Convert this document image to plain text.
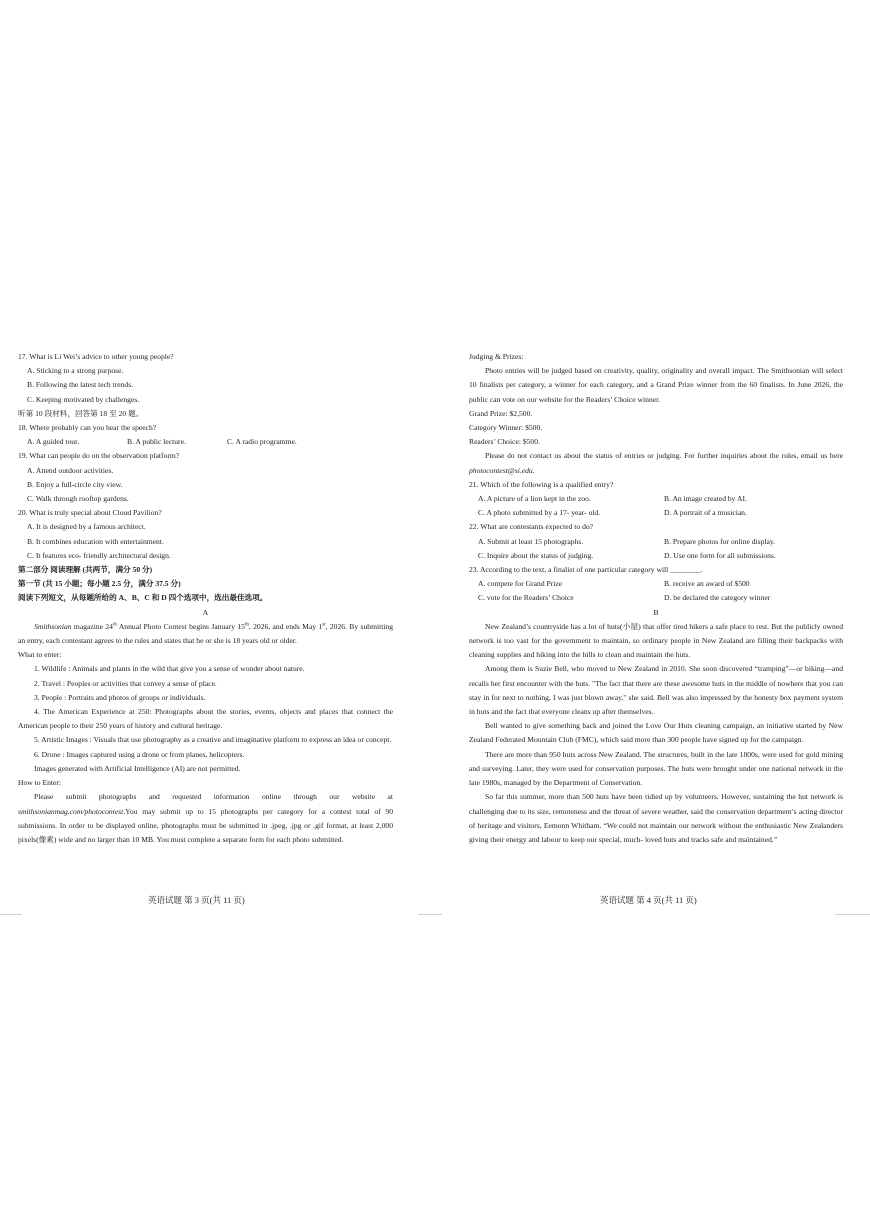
17. What is Li Wei’s advice to other young people?
A. Sticking to a strong purpose.
B. Following the latest tech trends.
C. Keeping motivated by challenges.
听第 10 段材料，回答第 18 至 20 题。
18. Where probably can you hear the speech?
A. A guided tour.	B. A public lecture.	C. A radio programme.
19. What can people do on the observation platform?
A. Attend outdoor activities.
B. Enjoy a full-circle city view.
C. Walk through rooftop gardens.
20. What is truly special about Cloud Pavilion?
A. It is designed by a famous architect.
B. It combines education with entertainment.
C. It features eco- friendly architectural design.
第二部分 阅读理解 (共两节，满分 50 分)
第一节 (共 15 小题；每小题 2.5 分，满分 37.5 分)
阅读下列短文，从每题所给的 A、B、C 和 D 四个选项中，选出最佳选项。
A
Smithsonian magazine 24th Annual Photo Contest begins January 15th, 2026, and ends May 1st, 2026. By submitting an entry, each contestant agrees to the rules and states that he or she is 18 years old or older.
What to enter:
1. Wildlife : Animals and plants in the wild that give you a sense of wonder about nature.
2. Travel : Peoples or activities that convey a sense of place.
3. People : Portraits and photos of groups or individuals.
4. The American Experience at 250: Photographs about the stories, events, objects and places that connect the American people to their 250 years of history and cultural heritage.
5. Artistic Images : Visuals that use photography as a creative and imaginative platform to express an idea or concept.
6. Drone : Images captured using a drone or from planes, helicopters.
Images generated with Artificial Intelligence (AI) are not permitted.
How to Enter:
Please submit photographs and requested information online through our website at smithsonianmag.com/photocontest.You may submit up to 15 photographs per category for a contest total of 90 submissions. In order to be displayed online, photographs must be submitted in .jpeg, .jpg or .gif format, at least 2,000 pixels(像素) wide and no larger than 10 MB. You must complete a separate form for each photo submitted.
Judging & Prizes:
Photo entries will be judged based on creativity, quality, originality and overall impact. The Smithsonian will select 10 finalists per category, a winner for each category, and a Grand Prize winner from the 60 finalists. In June 2026, the public can vote on our website for the Readers’ Choice winner.
Grand Prize: $2,500.
Category Winner: $500.
Readers’ Choice: $500.
Please do not contact us about the status of entries or judging. For further inquiries about the rules, email us here photocontest@si.edu.
21. Which of the following is a qualified entry?
A. A picture of a lion kept in the zoo.	B. An image created by AI.
C. A photo submitted by a 17- year- old.	D. A portrait of a musician.
22. What are contestants expected to do?
A. Submit at least 15 photographs.	B. Prepare photos for online display.
C. Inquire about the status of judging.	D. Use one form for all submissions.
23. According to the text, a finalist of one particular category will ________.
A. compete for Grand Prize	B. receive an award of $500
C. vote for the Readers’ Choice	D. be declared the category winner
B
New Zealand’s countryside has a lot of huts(小屋) that offer tired hikers a safe place to rest. But the publicly owned network is too vast for the government to maintain, so ordinary people in New Zealand are filling their backpacks with cleaning supplies and hiking into the hills to clean and maintain the huts.
Among them is Suzie Bell, who moved to New Zealand in 2010. She soon discovered “tramping”—or biking—and recalls her first encounter with the huts. "The fact that there are these awesome huts in the middle of nowhere that you can stay in for next to nothing, I was just blown away," she said. Bell was also impressed by the honesty box payment system in huts and the fact that everyone cleans up after themselves.
Bell wanted to give something back and joined the Love Our Huts cleaning campaign, an initiative started by New Zealand Federated Mountain Club (FMC), which said more than 300 people have signed up for the campaign.
There are more than 950 huts across New Zealand. The structures, built in the late 1800s, were used for gold mining and surveying. Later, they were used for conservation purposes. The huts were brought under one national network in the late 1980s, managed by the Department of Conservation.
So far this summer, more than 500 huts have been tidied up by volunteers. However, sustaining the hut network is challenging due to its size, remoteness and the threat of severe weather, said the conservation department’s acting director of heritage and visitors, Eemonn Whitham. “We could not maintain our network without the enthusiastic New Zealanders giving their energy and labour to keep our special, much- loved huts and tracks safe and maintained.”
英语试题 第 3 页(共 11 页)	英语试题 第 4 页(共 11 页)
